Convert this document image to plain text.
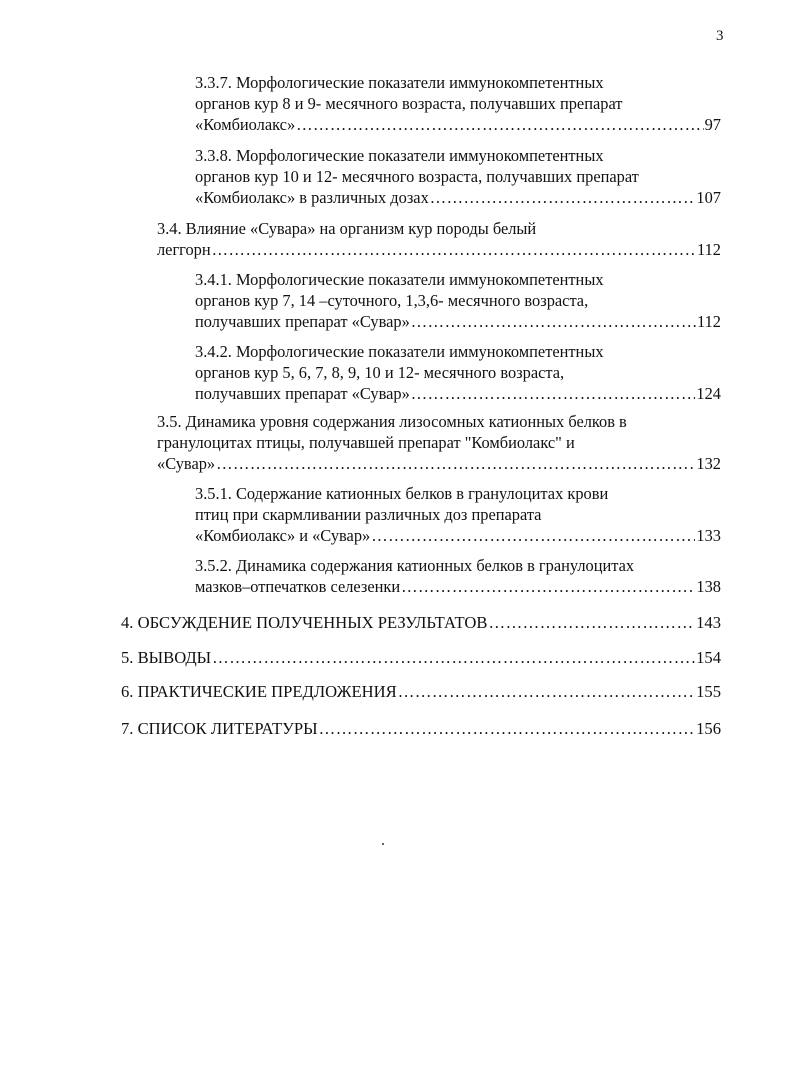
3
3.3.7. Морфологические показатели иммунокомпетентных
органов кур 8 и 9- месячного возраста, получавших препарат
«Комбиолакс» …………………………………………………………………………………………………………………………………………………………………………………………………………………	97
3.3.8. Морфологические показатели иммунокомпетентных
органов кур 10 и 12- месячного возраста, получавших препарат
«Комбиолакс» в различных дозах …………………………………………………………………………………………………………………………………………………………………………………………………………………	107
3.4. Влияние «Сувара» на организм кур породы белый
леггорн …………………………………………………………………………………………………………………………………………………………………………………………………………………	112
3.4.1. Морфологические показатели иммунокомпетентных
органов кур 7, 14 –суточного, 1,3,6- месячного возраста,
получавших препарат «Сувар» …………………………………………………………………………………………………………………………………………………………………………………………………………………	112
3.4.2. Морфологические показатели иммунокомпетентных
органов кур 5, 6, 7, 8, 9, 10 и 12- месячного возраста,
получавших препарат «Сувар» …………………………………………………………………………………………………………………………………………………………………………………………………………………	124
3.5. Динамика уровня содержания лизосомных катионных белков в
гранулоцитах птицы, получавшей препарат "Комбиолакс" и
«Сувар» …………………………………………………………………………………………………………………………………………………………………………………………………………………	132
3.5.1. Содержание катионных белков в гранулоцитах крови
птиц при скармливании различных доз препарата
«Комбиолакс» и «Сувар» …………………………………………………………………………………………………………………………………………………………………………………………………………………	133
3.5.2. Динамика содержания катионных белков в гранулоцитах
мазков–отпечатков селезенки …………………………………………………………………………………………………………………………………………………………………………………………………………………	138
4. ОБСУЖДЕНИЕ ПОЛУЧЕННЫХ РЕЗУЛЬТАТОВ …………………………………………………………………………………………………………………………………………………………………………………………………………………	143
5. ВЫВОДЫ …………………………………………………………………………………………………………………………………………………………………………………………………………………	154
6. ПРАКТИЧЕСКИЕ ПРЕДЛОЖЕНИЯ …………………………………………………………………………………………………………………………………………………………………………………………………………………	155
7. СПИСОК ЛИТЕРАТУРЫ …………………………………………………………………………………………………………………………………………………………………………………………………………………	156
